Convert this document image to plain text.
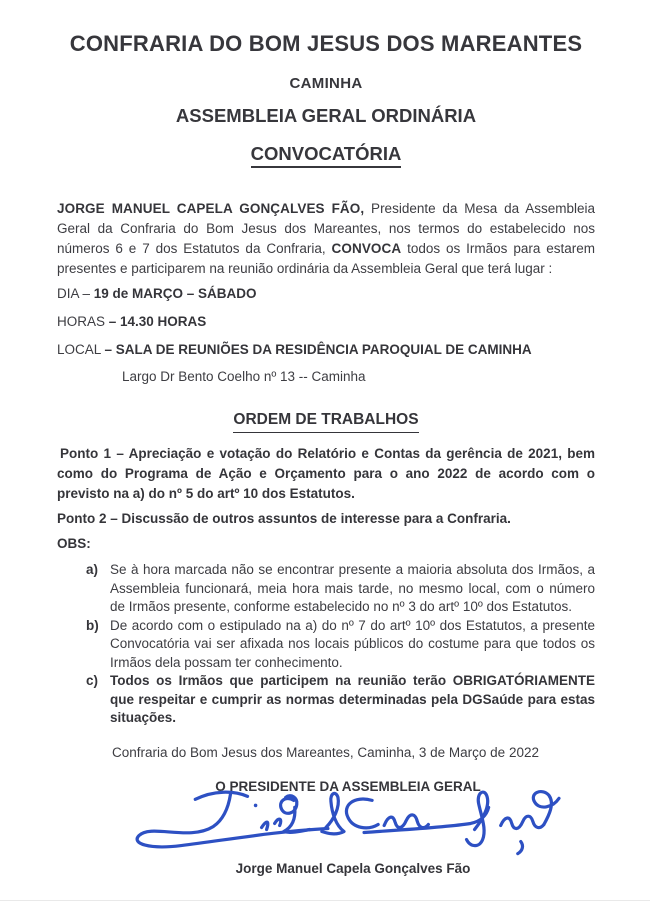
CONFRARIA DO BOM JESUS DOS MAREANTES
CAMINHA
ASSEMBLEIA GERAL ORDINÁRIA
CONVOCATÓRIA

JORGE MANUEL CAPELA GONÇALVES FÃO, Presidente da Mesa da Assembleia Geral da Confraria do Bom Jesus dos Mareantes, nos termos do estabelecido nos números 6 e 7 dos Estatutos da Confraria, CONVOCA todos os Irmãos para estarem presentes e participarem na reunião ordinária da Assembleia Geral que terá lugar :

DIA – 19 de MARÇO – SÁBADO
HORAS – 14.30 HORAS
LOCAL – SALA DE REUNIÕES DA RESIDÊNCIA PAROQUIAL DE CAMINHA
Largo Dr Bento Coelho nº 13 -- Caminha
ORDEM DE TRABALHOS

Ponto 1 – Apreciação e votação do Relatório e Contas da gerência de 2021, bem como do Programa de Ação e Orçamento para o ano 2022 de acordo com o previsto na a) do nº 5 do artº 10 dos Estatutos.

Ponto 2 – Discussão de outros assuntos de interesse para a Confraria.

OBS:
a) Se à hora marcada não se encontrar presente a maioria absoluta dos Irmãos, a Assembleia funcionará, meia hora mais tarde, no mesmo local, com o número de Irmãos presente, conforme estabelecido no nº 3 do artº 10º dos Estatutos.
b) De acordo com o estipulado na a) do nº 7 do artº 10º dos Estatutos, a presente Convocatória vai ser afixada nos locais públicos do costume para que todos os Irmãos dela possam ter conhecimento.
c) Todos os Irmãos que participem na reunião terão OBRIGATÓRIAMENTE que respeitar e cumprir as normas determinadas pela DGSaúde para estas situações.
Confraria do Bom Jesus dos Mareantes, Caminha, 3 de Março de 2022
O PRESIDENTE DA ASSEMBLEIA GERAL
Jorge Manuel Capela Gonçalves Fão
